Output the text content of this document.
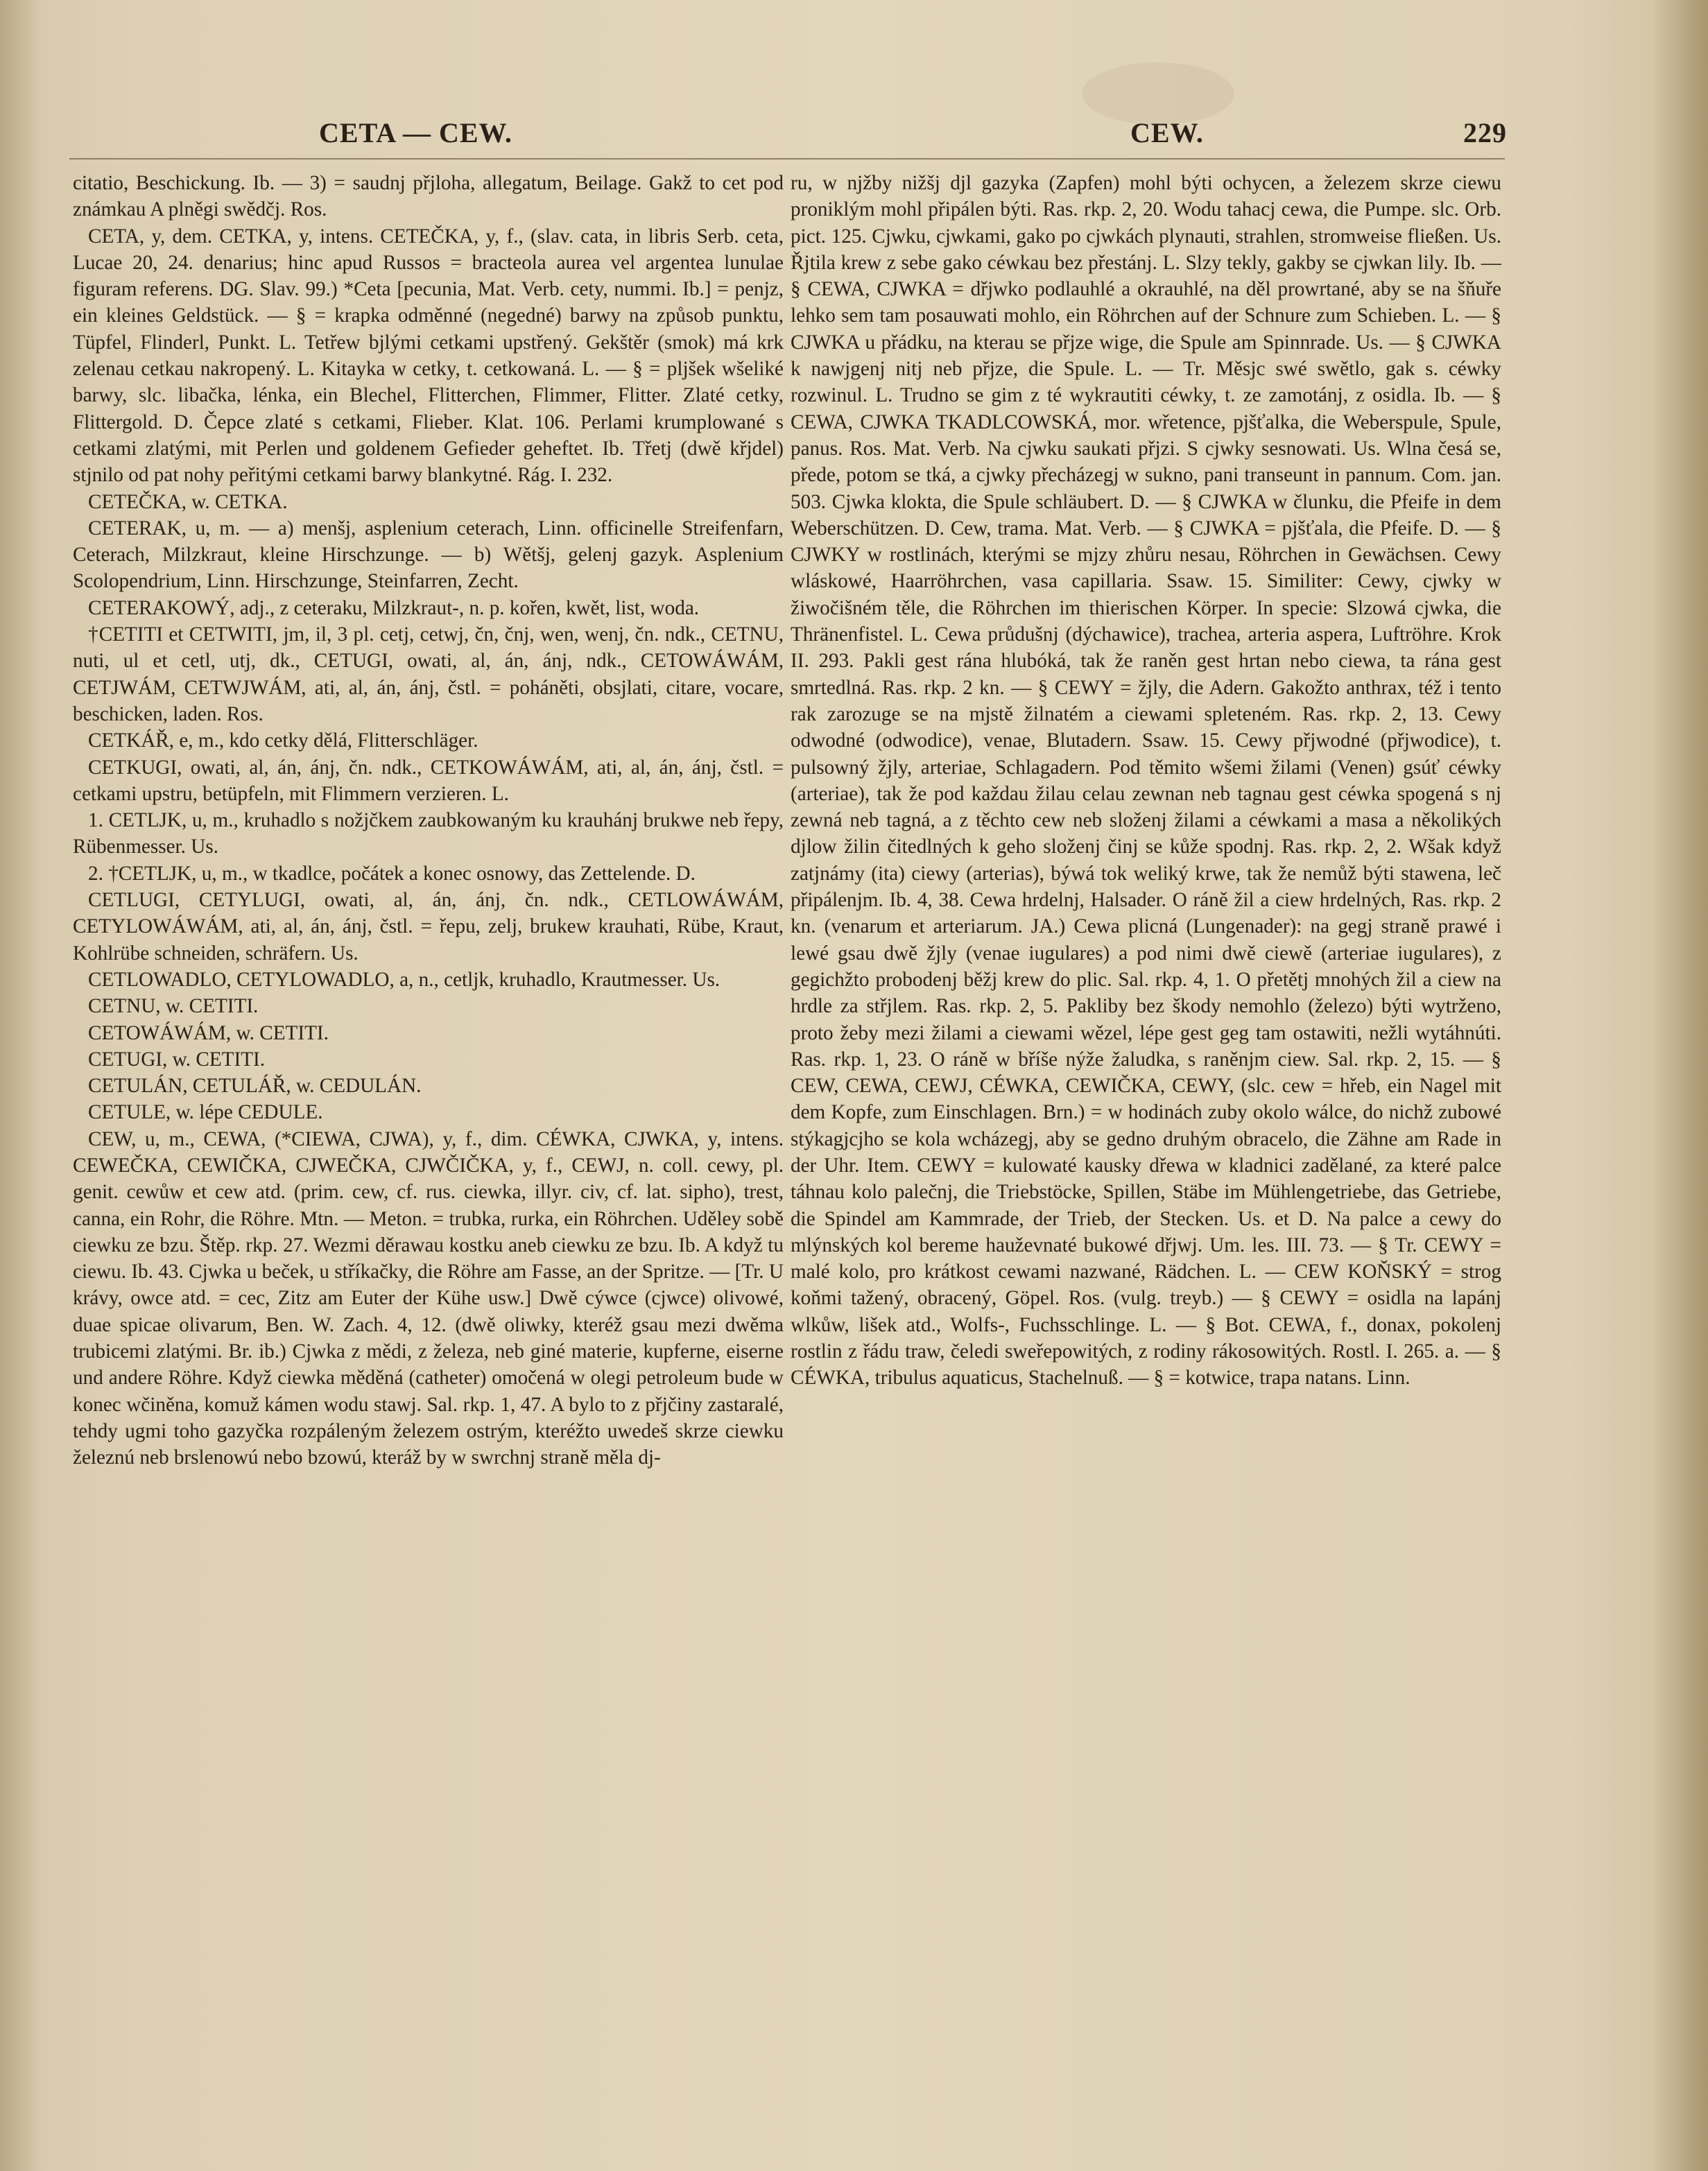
CETA — CEW.	CEW.	229

citatio, Beschickung. Ib. — 3) = saudnj přjloha, allegatum, Beilage. Gakž to cet pod známkau A plněgi swědčj. Ros.

CETA, y, dem. CETKA, y, intens. CETEČKA, y, f., (slav. cata, in libris Serb. ceta, Lucae 20, 24. denarius; hinc apud Russos = bracteola aurea vel argentea lunulae figuram referens. DG. Slav. 99.) *Ceta [pecunia, Mat. Verb. cety, nummi. Ib.] = penjz, ein kleines Geldstück. — § = krapka odměnné (negedné) barwy na způsob punktu, Tüpfel, Flinderl, Punkt. L. Tetřew bjlými cetkami upstřený. Gekštěr (smok) má krk zelenau cetkau nakropený. L. Kitayka w cetky, t. cetkowaná. L. — § = pljšek wšeliké barwy, slc. libačka, lénka, ein Blechel, Flitterchen, Flimmer, Flitter. Zlaté cetky, Flittergold. D. Čepce zlaté s cetkami, Flieber. Klat. 106. Perlami krumplowané s cetkami zlatými, mit Perlen und goldenem Gefieder geheftet. Ib. Třetj (dwě křjdel) stjnilo od pat nohy peřitými cetkami barwy blankytné. Rág. I. 232.

CETEČKA, w. CETKA.

CETERAK, u, m. — a) menšj, asplenium ceterach, Linn. officinelle Streifenfarn, Ceterach, Milzkraut, kleine Hirschzunge. — b) Wětšj, gelenj gazyk. Asplenium Scolopendrium, Linn. Hirschzunge, Steinfarren, Zecht.

CETERAKOWÝ, adj., z ceteraku, Milzkraut-, n. p. kořen, kwět, list, woda.

†CETITI et CETWITI, jm, il, 3 pl. cetj, cetwj, čn, čnj, wen, wenj, čn. ndk., CETNU, nuti, ul et cetl, utj, dk., CETUGI, owati, al, án, ánj, ndk., CETOWÁWÁM, CETJWÁM, CETWJWÁM, ati, al, án, ánj, čstl. = poháněti, obsjlati, citare, vocare, beschicken, laden. Ros.

CETKÁŘ, e, m., kdo cetky dělá, Flitterschläger.

CETKUGI, owati, al, án, ánj, čn. ndk., CETKOWÁWÁM, ati, al, án, ánj, čstl. = cetkami upstru, betüpfeln, mit Flimmern verzieren. L.

1. CETLJK, u, m., kruhadlo s nožjčkem zaubkowaným ku krauhánj brukwe neb řepy, Rübenmesser. Us.

2. †CETLJK, u, m., w tkadlce, počátek a konec osnowy, das Zettelende. D.

CETLUGI, CETYLUGI, owati, al, án, ánj, čn. ndk., CETLOWÁWÁM, CETYLOWÁWÁM, ati, al, án, ánj, čstl. = řepu, zelj, brukew krauhati, Rübe, Kraut, Kohlrübe schneiden, schräfern. Us.

CETLOWADLO, CETYLOWADLO, a, n., cetljk, kruhadlo, Krautmesser. Us.

CETNU, w. CETITI.

CETOWÁWÁM, w. CETITI.

CETUGI, w. CETITI.

CETULÁN, CETULÁŘ, w. CEDULÁN.

CETULE, w. lépe CEDULE.

CEW, u, m., CEWA, (*CIEWA, CJWA), y, f., dim. CÉWKA, CJWKA, y, intens. CEWEČKA, CEWIČKA, CJWEČKA, CJWČIČKA, y, f., CEWJ, n. coll. cewy, pl. genit. cewůw et cew atd. (prim. cew, cf. rus. ciewka, illyr. civ, cf. lat. sipho), trest, canna, ein Rohr, die Röhre. Mtn. — Meton. = trubka, rurka, ein Röhrchen. Uděley sobě ciewku ze bzu. Štěp. rkp. 27. Wezmi děrawau kostku aneb ciewku ze bzu. Ib. A když tu ciewu. Ib. 43. Cjwka u beček, u stříkačky, die Röhre am Fasse, an der Spritze. — [Tr. U krávy, owce atd. = cec, Zitz am Euter der Kühe usw.] Dwě cýwce (cjwce) olivowé, duae spicae olivarum, Ben. W. Zach. 4, 12. (dwě oliwky, kteréž gsau mezi dwěma trubicemi zlatými. Br. ib.) Cjwka z mědi, z železa, neb giné materie, kupferne, eiserne und andere Röhre. Když ciewka měděná (catheter) omočená w olegi petroleum bude w konec wčiněna, komuž kámen wodu stawj. Sal. rkp. 1, 47. A bylo to z přjčiny zastaralé, tehdy ugmi toho gazyčka rozpáleným železem ostrým, kteréžto uwedeš skrze ciewku železnú neb brslenowú nebo bzowú, kteráž by w swrchnj straně měla dj-

ru, w njžby nižšj djl gazyka (Zapfen) mohl býti ochycen, a železem skrze ciewu proniklým mohl připálen býti. Ras. rkp. 2, 20. Wodu tahacj cewa, die Pumpe. slc. Orb. pict. 125. Cjwku, cjwkami, gako po cjwkách plynauti, strahlen, stromweise fließen. Us. Řjtila krew z sebe gako céwkau bez přestánj. L. Slzy tekly, gakby se cjwkan lily. Ib. — § CEWA, CJWKA = dřjwko podlauhlé a okrauhlé, na děl prowrtané, aby se na šňuře lehko sem tam posauwati mohlo, ein Röhrchen auf der Schnure zum Schieben. L. — § CJWKA u přádku, na kterau se přjze wige, die Spule am Spinnrade. Us. — § CJWKA k nawjgenj nitj neb přjze, die Spule. L. — Tr. Měsjc swé swětlo, gak s. céwky rozwinul. L. Trudno se gim z té wykrautiti céwky, t. ze zamotánj, z osidla. Ib. — § CEWA, CJWKA TKADLCOWSKÁ, mor. wřetence, pjšťalka, die Weberspule, Spule, panus. Ros. Mat. Verb. Na cjwku saukati přjzi. S cjwky sesnowati. Us. Wlna česá se, přede, potom se tká, a cjwky přecházegj w sukno, pani transeunt in pannum. Com. jan. 503. Cjwka klokta, die Spule schläubert. D. — § CJWKA w člunku, die Pfeife in dem Weberschützen. D. Cew, trama. Mat. Verb. — § CJWKA = pjšťala, die Pfeife. D. — § CJWKY w rostlinách, kterými se mjzy zhůru nesau, Röhrchen in Gewächsen. Cewy wláskowé, Haarröhrchen, vasa capillaria. Ssaw. 15. Similiter: Cewy, cjwky w žiwočišném těle, die Röhrchen im thierischen Körper. In specie: Slzowá cjwka, die Thränenfistel. L. Cewa průdušnj (dýchawice), trachea, arteria aspera, Luftröhre. Krok II. 293. Pakli gest rána hlubóká, tak že raněn gest hrtan nebo ciewa, ta rána gest smrtedlná. Ras. rkp. 2 kn. — § CEWY = žjly, die Adern. Gakožto anthrax, též i tento rak zarozuge se na mjstě žilnatém a ciewami spleteném. Ras. rkp. 2, 13. Cewy odwodné (odwodice), venae, Blutadern. Ssaw. 15. Cewy přjwodné (přjwodice), t. pulsowný žjly, arteriae, Schlagadern. Pod těmito wšemi žilami (Venen) gsúť céwky (arteriae), tak že pod každau žilau celau zewnan neb tagnau gest céwka spogená s nj zewná neb tagná, a z těchto cew neb složenj žilami a céwkami a masa a několikých djlow žilin čitedlných k geho složenj činj se kůže spodnj. Ras. rkp. 2, 2. Wšak když zatjnámy (ita) ciewy (arterias), býwá tok weliký krwe, tak že nemůž býti stawena, leč připálenjm. Ib. 4, 38. Cewa hrdelnj, Halsader. O ráně žil a ciew hrdelných, Ras. rkp. 2 kn. (venarum et arteriarum. JA.) Cewa plicná (Lungenader): na gegj straně prawé i lewé gsau dwě žjly (venae iugulares) a pod nimi dwě ciewě (arteriae iugulares), z gegichžto probodenj běžj krew do plic. Sal. rkp. 4, 1. O přetětj mnohých žil a ciew na hrdle za střjlem. Ras. rkp. 2, 5. Pakliby bez škody nemohlo (železo) býti wytrženo, proto žeby mezi žilami a ciewami wězel, lépe gest geg tam ostawiti, nežli wytáhnúti. Ras. rkp. 1, 23. O ráně w bříše nýže žaludka, s raněnjm ciew. Sal. rkp. 2, 15. — § CEW, CEWA, CEWJ, CÉWKA, CEWIČKA, CEWY, (slc. cew = hřeb, ein Nagel mit dem Kopfe, zum Einschlagen. Brn.) = w hodinách zuby okolo wálce, do nichž zubowé stýkagjcjho se kola wcházegj, aby se gedno druhým obracelo, die Zähne am Rade in der Uhr. Item. CEWY = kulowaté kausky dřewa w kladnici zadělané, za které palce táhnau kolo palečnj, die Triebstöcke, Spillen, Stäbe im Mühlengetriebe, das Getriebe, die Spindel am Kammrade, der Trieb, der Stecken. Us. et D. Na palce a cewy do mlýnských kol bereme hauževnaté bukowé dřjwj. Um. les. III. 73. — § Tr. CEWY = malé kolo, pro krátkost cewami nazwané, Rädchen. L. — CEW KOŇSKÝ = strog koňmi tažený, obracený, Göpel. Ros. (vulg. treyb.) — § CEWY = osidla na lapánj wlkůw, lišek atd., Wolfs-, Fuchsschlinge. L. — § Bot. CEWA, f., donax, pokolenj rostlin z řádu traw, čeledi sweřepowitých, z rodiny rákosowitých. Rostl. I. 265. a. — § CÉWKA, tribulus aquaticus, Stachelnuß. — § = kotwice, trapa natans. Linn.
